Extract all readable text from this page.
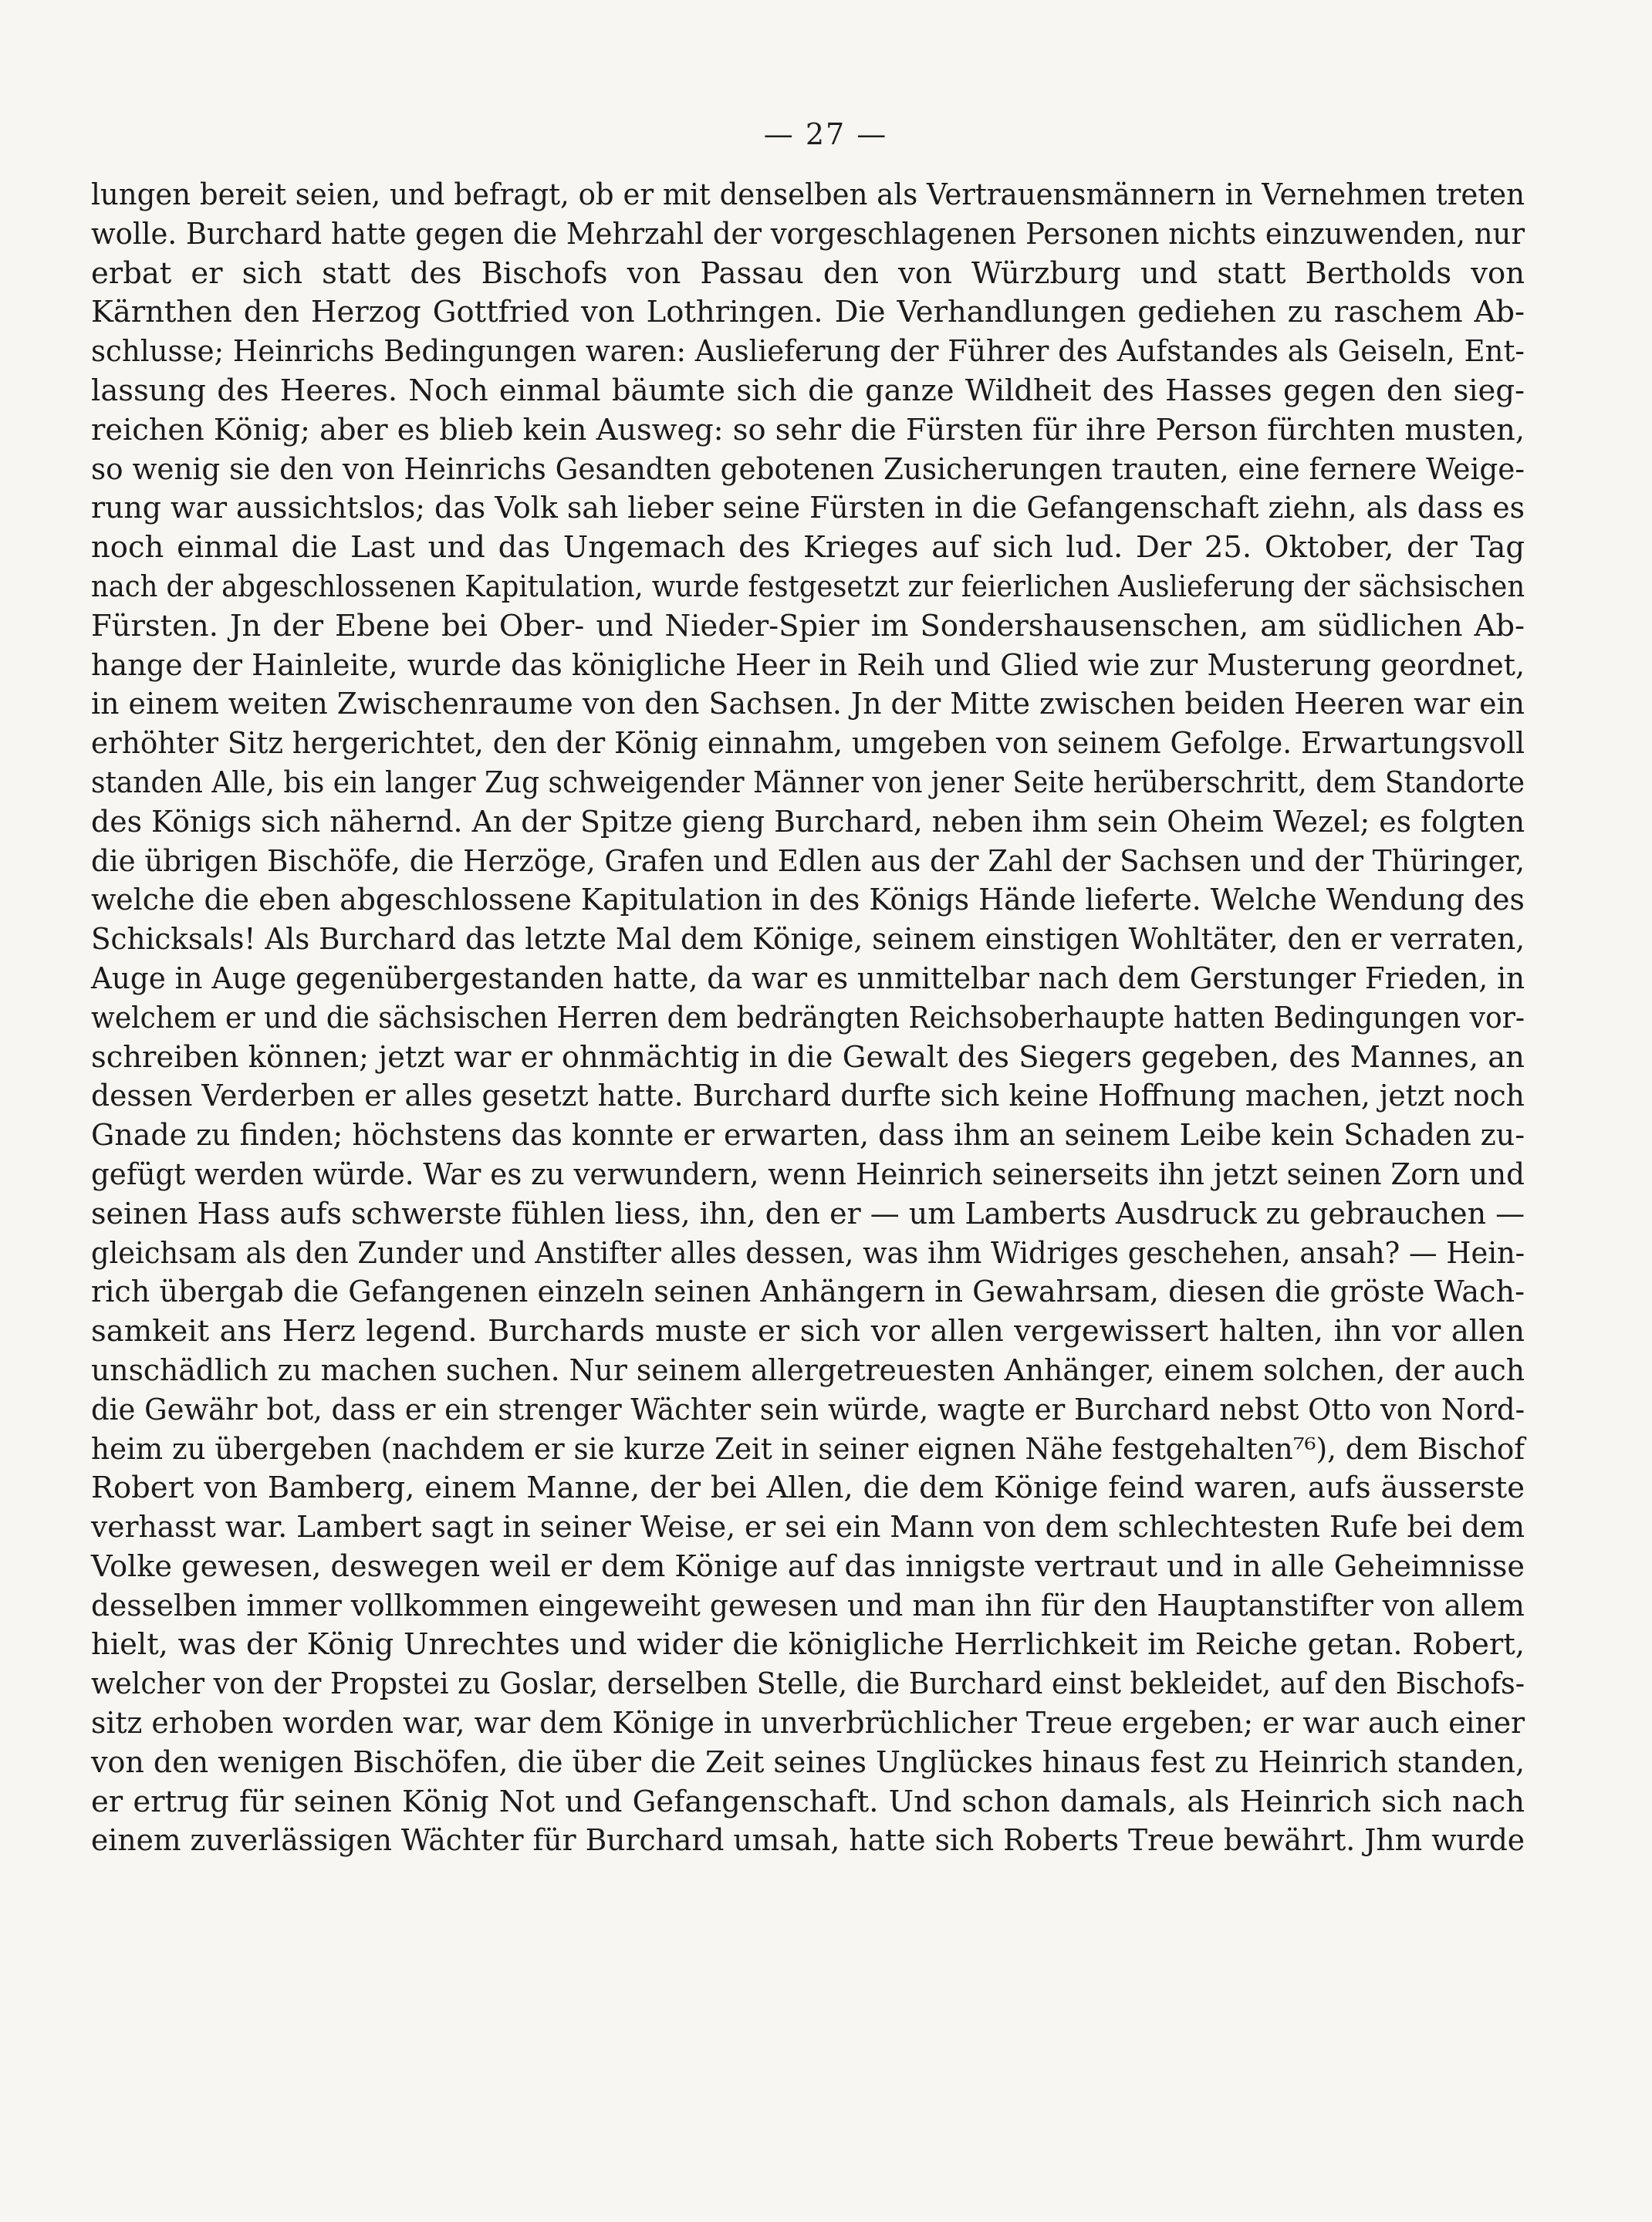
— 27 —
lungen bereit seien, und befragt, ob er mit denselben als Vertrauensmännern in Vernehmen treten
wolle. Burchard hatte gegen die Mehrzahl der vorgeschlagenen Personen nichts einzuwenden, nur
erbat er sich statt des Bischofs von Passau den von Würzburg und statt Bertholds von
Kärnthen den Herzog Gottfried von Lothringen. Die Verhandlungen gediehen zu raschem Ab-
schlusse; Heinrichs Bedingungen waren: Auslieferung der Führer des Aufstandes als Geiseln, Ent-
lassung des Heeres. Noch einmal bäumte sich die ganze Wildheit des Hasses gegen den sieg-
reichen König; aber es blieb kein Ausweg: so sehr die Fürsten für ihre Person fürchten musten,
so wenig sie den von Heinrichs Gesandten gebotenen Zusicherungen trauten, eine fernere Weige-
rung war aussichtslos; das Volk sah lieber seine Fürsten in die Gefangenschaft ziehn, als dass es
noch einmal die Last und das Ungemach des Krieges auf sich lud. Der 25. Oktober, der Tag
nach der abgeschlossenen Kapitulation, wurde festgesetzt zur feierlichen Auslieferung der sächsischen
Fürsten. Jn der Ebene bei Ober- und Nieder-Spier im Sondershausenschen, am südlichen Ab-
hange der Hainleite, wurde das königliche Heer in Reih und Glied wie zur Musterung geordnet,
in einem weiten Zwischenraume von den Sachsen. Jn der Mitte zwischen beiden Heeren war ein
erhöhter Sitz hergerichtet, den der König einnahm, umgeben von seinem Gefolge. Erwartungsvoll
standen Alle, bis ein langer Zug schweigender Männer von jener Seite herüberschritt, dem Standorte
des Königs sich nähernd. An der Spitze gieng Burchard, neben ihm sein Oheim Wezel; es folgten
die übrigen Bischöfe, die Herzöge, Grafen und Edlen aus der Zahl der Sachsen und der Thüringer,
welche die eben abgeschlossene Kapitulation in des Königs Hände lieferte. Welche Wendung des
Schicksals! Als Burchard das letzte Mal dem Könige, seinem einstigen Wohltäter, den er verraten,
Auge in Auge gegenübergestanden hatte, da war es unmittelbar nach dem Gerstunger Frieden, in
welchem er und die sächsischen Herren dem bedrängten Reichsoberhaupte hatten Bedingungen vor-
schreiben können; jetzt war er ohnmächtig in die Gewalt des Siegers gegeben, des Mannes, an
dessen Verderben er alles gesetzt hatte. Burchard durfte sich keine Hoffnung machen, jetzt noch
Gnade zu finden; höchstens das konnte er erwarten, dass ihm an seinem Leibe kein Schaden zu-
gefügt werden würde. War es zu verwundern, wenn Heinrich seinerseits ihn jetzt seinen Zorn und
seinen Hass aufs schwerste fühlen liess, ihn, den er — um Lamberts Ausdruck zu gebrauchen —
gleichsam als den Zunder und Anstifter alles dessen, was ihm Widriges geschehen, ansah? — Hein-
rich übergab die Gefangenen einzeln seinen Anhängern in Gewahrsam, diesen die gröste Wach-
samkeit ans Herz legend. Burchards muste er sich vor allen vergewissert halten, ihn vor allen
unschädlich zu machen suchen. Nur seinem allergetreuesten Anhänger, einem solchen, der auch
die Gewähr bot, dass er ein strenger Wächter sein würde, wagte er Burchard nebst Otto von Nord-
heim zu übergeben (nachdem er sie kurze Zeit in seiner eignen Nähe festgehalten⁷⁶), dem Bischof
Robert von Bamberg, einem Manne, der bei Allen, die dem Könige feind waren, aufs äusserste
verhasst war. Lambert sagt in seiner Weise, er sei ein Mann von dem schlechtesten Rufe bei dem
Volke gewesen, deswegen weil er dem Könige auf das innigste vertraut und in alle Geheimnisse
desselben immer vollkommen eingeweiht gewesen und man ihn für den Hauptanstifter von allem
hielt, was der König Unrechtes und wider die königliche Herrlichkeit im Reiche getan. Robert,
welcher von der Propstei zu Goslar, derselben Stelle, die Burchard einst bekleidet, auf den Bischofs-
sitz erhoben worden war, war dem Könige in unverbrüchlicher Treue ergeben; er war auch einer
von den wenigen Bischöfen, die über die Zeit seines Unglückes hinaus fest zu Heinrich standen,
er ertrug für seinen König Not und Gefangenschaft. Und schon damals, als Heinrich sich nach
einem zuverlässigen Wächter für Burchard umsah, hatte sich Roberts Treue bewährt. Jhm wurde
